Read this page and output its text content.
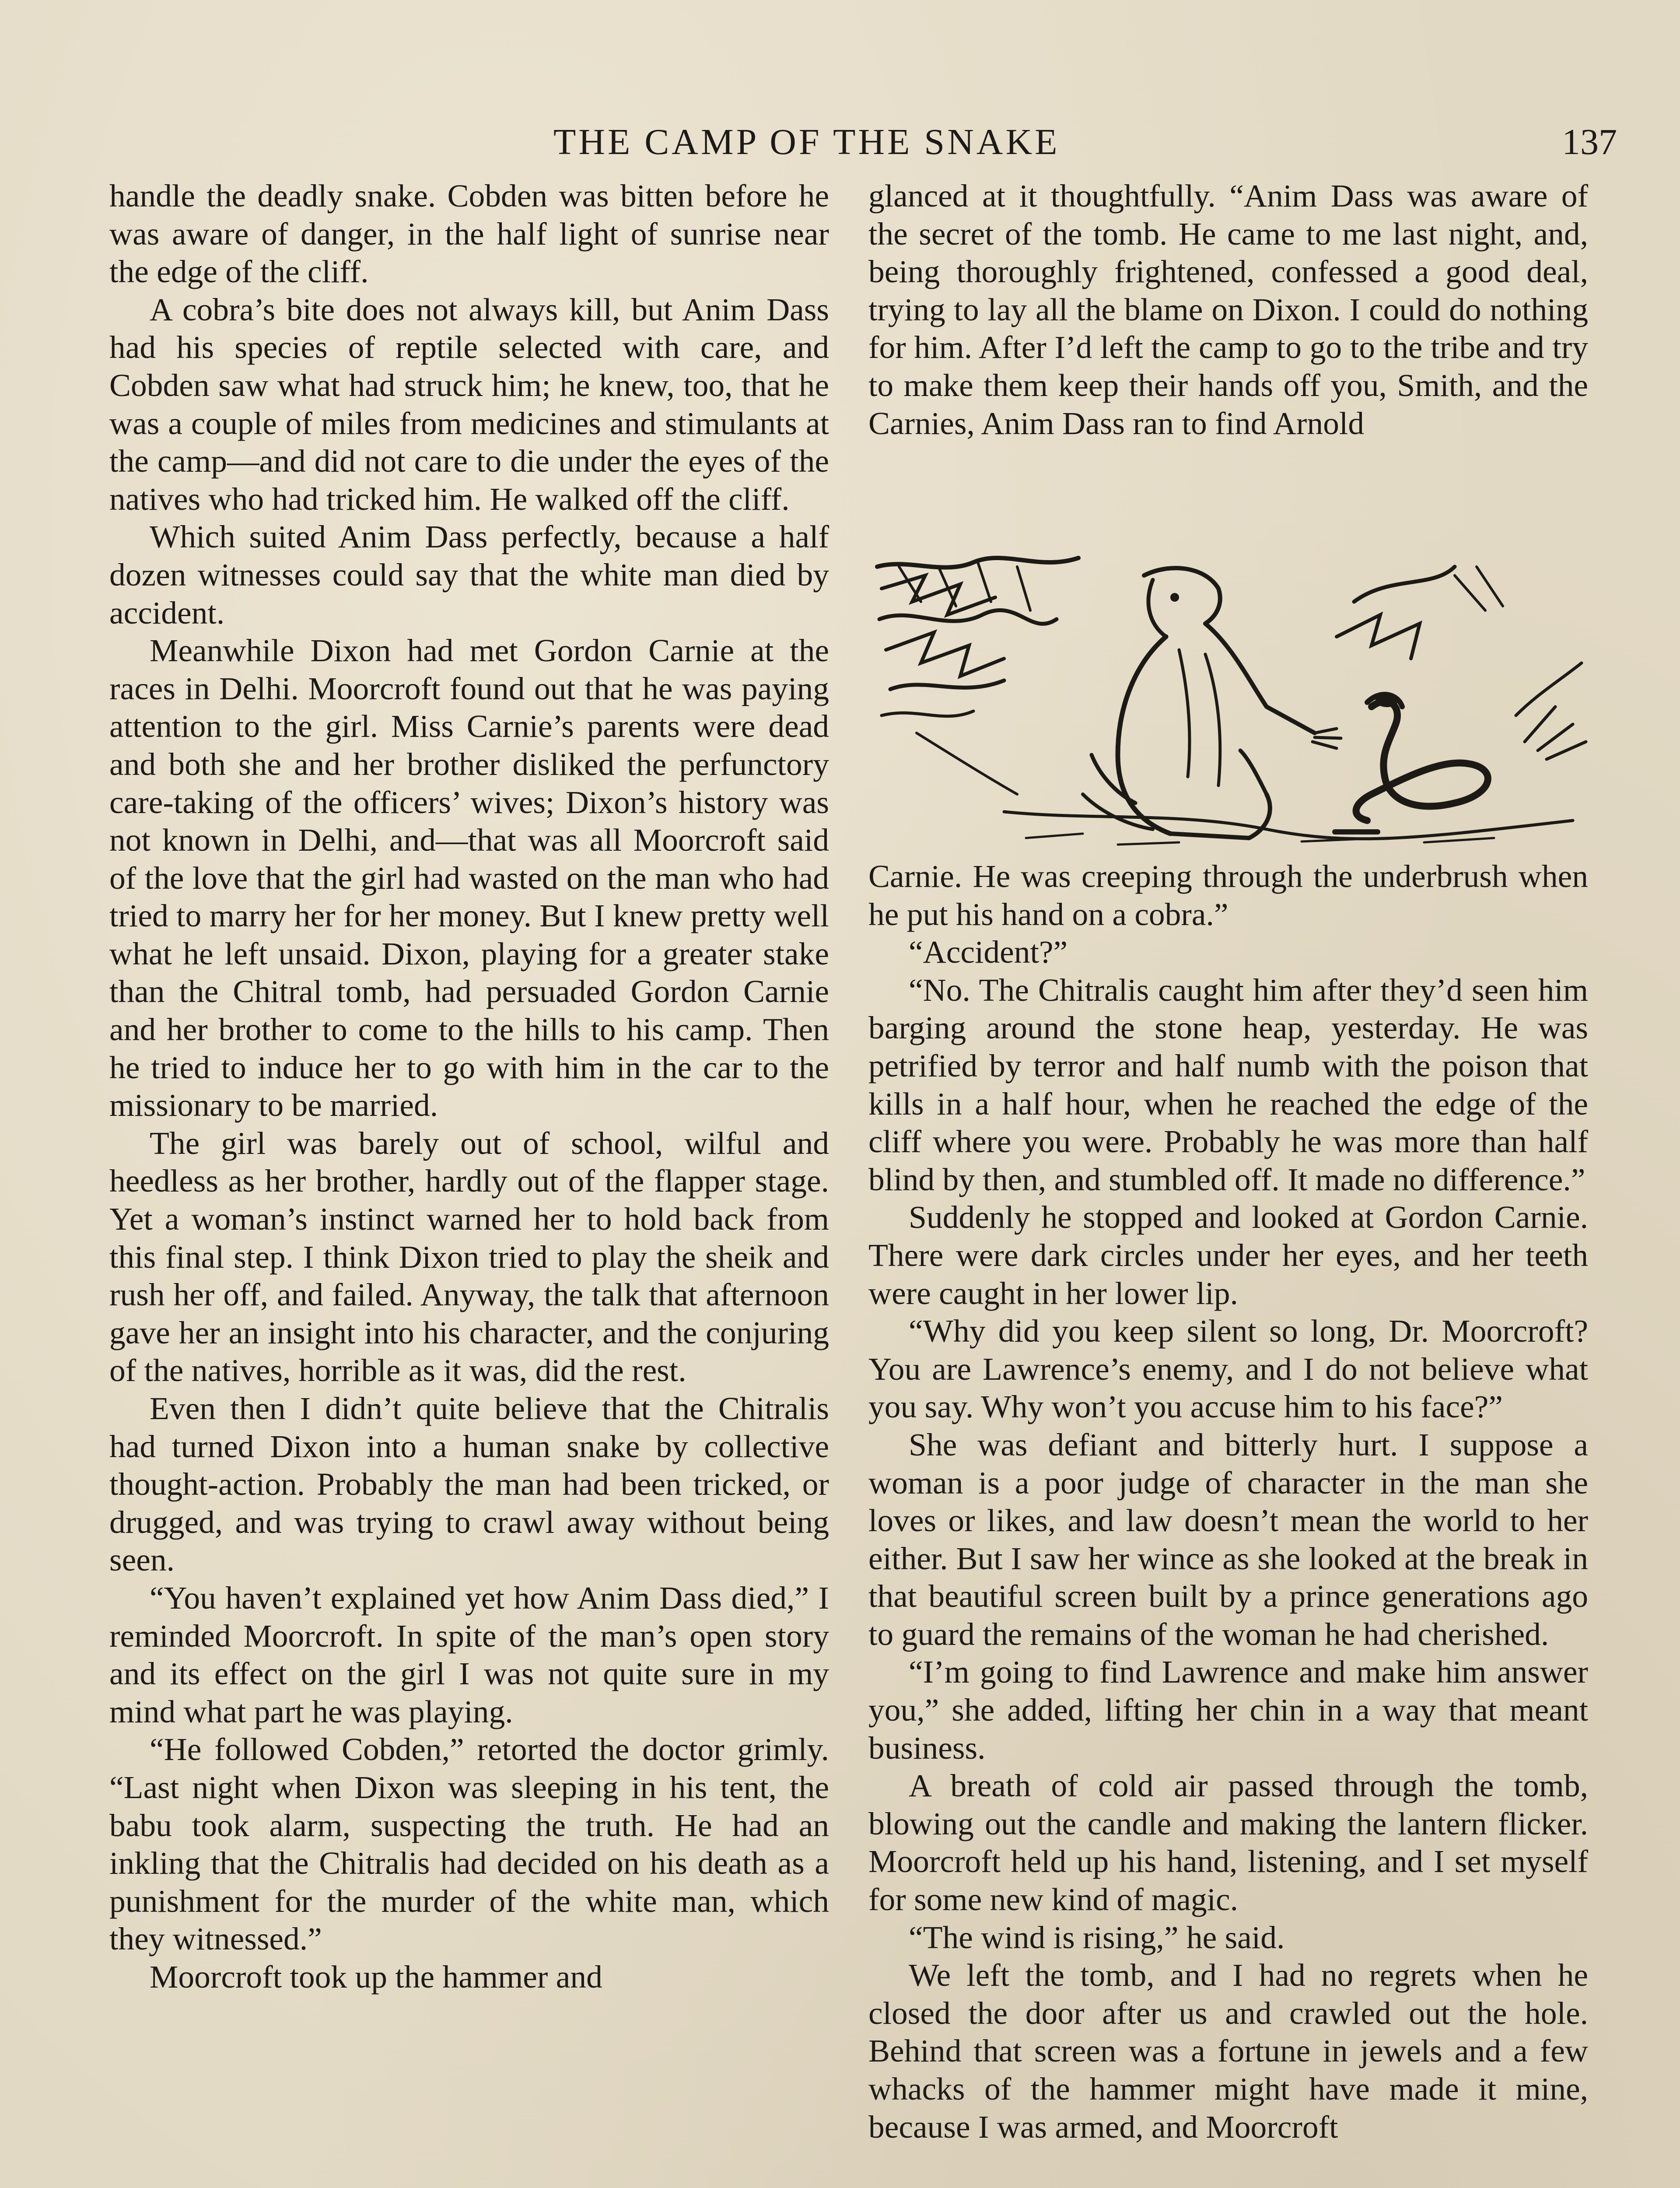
THE CAMP OF THE SNAKE	137

handle the deadly snake. Cobden was bitten before he was aware of danger, in the half light of sunrise near the edge of the cliff.

A cobra’s bite does not always kill, but Anim Dass had his species of reptile selected with care, and Cobden saw what had struck him; he knew, too, that he was a couple of miles from medicines and stimulants at the camp—and did not care to die under the eyes of the natives who had tricked him. He walked off the cliff.

Which suited Anim Dass perfectly, because a half dozen witnesses could say that the white man died by accident.

Meanwhile Dixon had met Gordon Carnie at the races in Delhi. Moorcroft found out that he was paying attention to the girl. Miss Carnie’s parents were dead and both she and her brother disliked the perfunctory care-taking of the officers’ wives; Dixon’s history was not known in Delhi, and—that was all Moorcroft said of the love that the girl had wasted on the man who had tried to marry her for her money. But I knew pretty well what he left unsaid. Dixon, playing for a greater stake than the Chitral tomb, had persuaded Gordon Carnie and her brother to come to the hills to his camp. Then he tried to induce her to go with him in the car to the missionary to be married.

The girl was barely out of school, wilful and heedless as her brother, hardly out of the flapper stage. Yet a woman’s instinct warned her to hold back from this final step. I think Dixon tried to play the sheik and rush her off, and failed. Anyway, the talk that afternoon gave her an insight into his character, and the conjuring of the natives, horrible as it was, did the rest.

Even then I didn’t quite believe that the Chitralis had turned Dixon into a human snake by collective thought-action. Probably the man had been tricked, or drugged, and was trying to crawl away without being seen.

“You haven’t explained yet how Anim Dass died,” I reminded Moorcroft. In spite of the man’s open story and its effect on the girl I was not quite sure in my mind what part he was playing.

“He followed Cobden,” retorted the doctor grimly. “Last night when Dixon was sleeping in his tent, the babu took alarm, suspecting the truth. He had an inkling that the Chitralis had decided on his death as a punishment for the murder of the white man, which they witnessed.”

Moorcroft took up the hammer and

glanced at it thoughtfully. “Anim Dass was aware of the secret of the tomb. He came to me last night, and, being thoroughly frightened, confessed a good deal, trying to lay all the blame on Dixon. I could do nothing for him. After I’d left the camp to go to the tribe and try to make them keep their hands off you, Smith, and the Carnies, Anim Dass ran to find Arnold

Carnie. He was creeping through the underbrush when he put his hand on a cobra.”

“Accident?”

“No. The Chitralis caught him after they’d seen him barging around the stone heap, yesterday. He was petrified by terror and half numb with the poison that kills in a half hour, when he reached the edge of the cliff where you were. Probably he was more than half blind by then, and stumbled off. It made no difference.”

Suddenly he stopped and looked at Gordon Carnie. There were dark circles under her eyes, and her teeth were caught in her lower lip.

“Why did you keep silent so long, Dr. Moorcroft? You are Lawrence’s enemy, and I do not believe what you say. Why won’t you accuse him to his face?”

She was defiant and bitterly hurt. I suppose a woman is a poor judge of character in the man she loves or likes, and law doesn’t mean the world to her either. But I saw her wince as she looked at the break in that beautiful screen built by a prince generations ago to guard the remains of the woman he had cherished.

“I’m going to find Lawrence and make him answer you,” she added, lifting her chin in a way that meant business.

A breath of cold air passed through the tomb, blowing out the candle and making the lantern flicker. Moorcroft held up his hand, listening, and I set myself for some new kind of magic.

“The wind is rising,” he said.

We left the tomb, and I had no regrets when he closed the door after us and crawled out the hole. Behind that screen was a fortune in jewels and a few whacks of the hammer might have made it mine, because I was armed, and Moorcroft
